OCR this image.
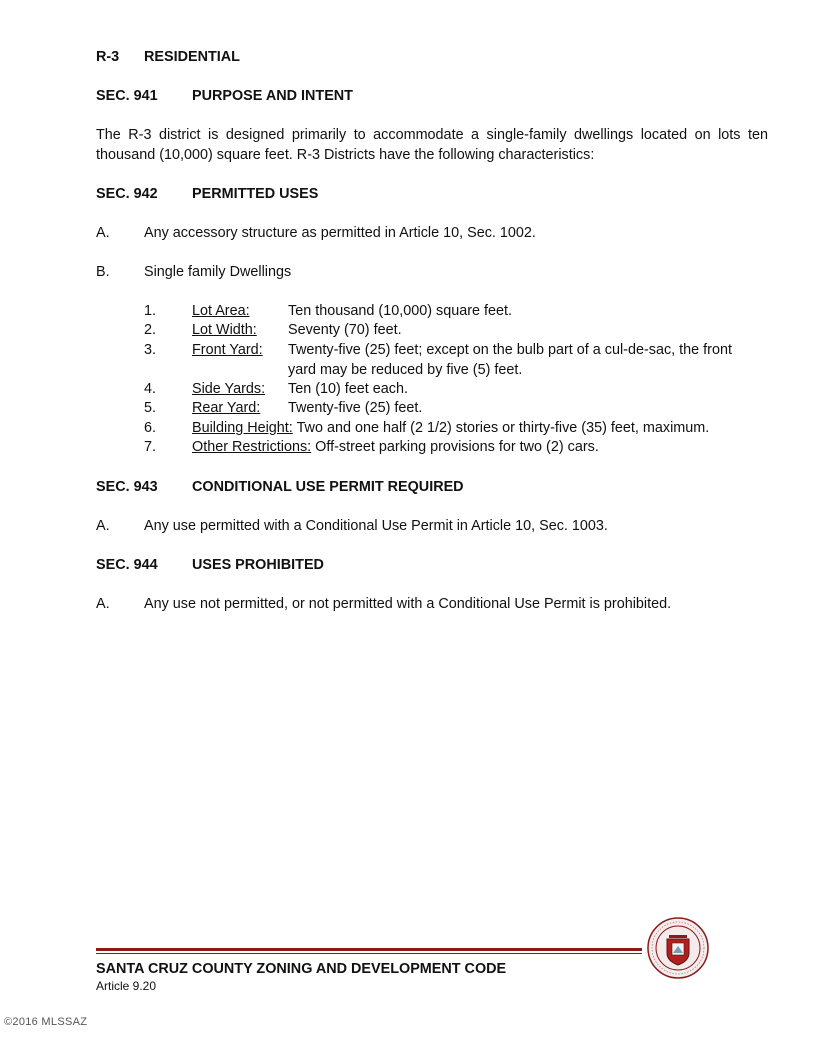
R-3 RESIDENTIAL
SEC. 941 PURPOSE AND INTENT
The R-3 district is designed primarily to accommodate a single-family dwellings located on lots ten thousand (10,000) square feet. R-3 Districts have the following characteristics:
SEC. 942 PERMITTED USES
A. Any accessory structure as permitted in Article 10, Sec. 1002.
B. Single family Dwellings
1. Lot Area:	Ten thousand (10,000) square feet.
2. Lot Width: Seventy (70) feet.
3. Front Yard: Twenty-five (25) feet; except on the bulb part of a cul-de-sac, the front yard may be reduced by five (5) feet.
4. Side Yards: Ten (10) feet each.
5. Rear Yard: Twenty-five (25) feet.
6. Building Height: Two and one half (2 1/2) stories or thirty-five (35) feet, maximum.
7. Other Restrictions: Off-street parking provisions for two (2) cars.
SEC. 943 CONDITIONAL USE PERMIT REQUIRED
A. Any use permitted with a Conditional Use Permit in Article 10, Sec. 1003.
SEC. 944 USES PROHIBITED
A. Any use not permitted, or not permitted with a Conditional Use Permit is prohibited.
SANTA CRUZ COUNTY ZONING AND DEVELOPMENT CODE
Article 9.20
©2016 MLSSAZ
